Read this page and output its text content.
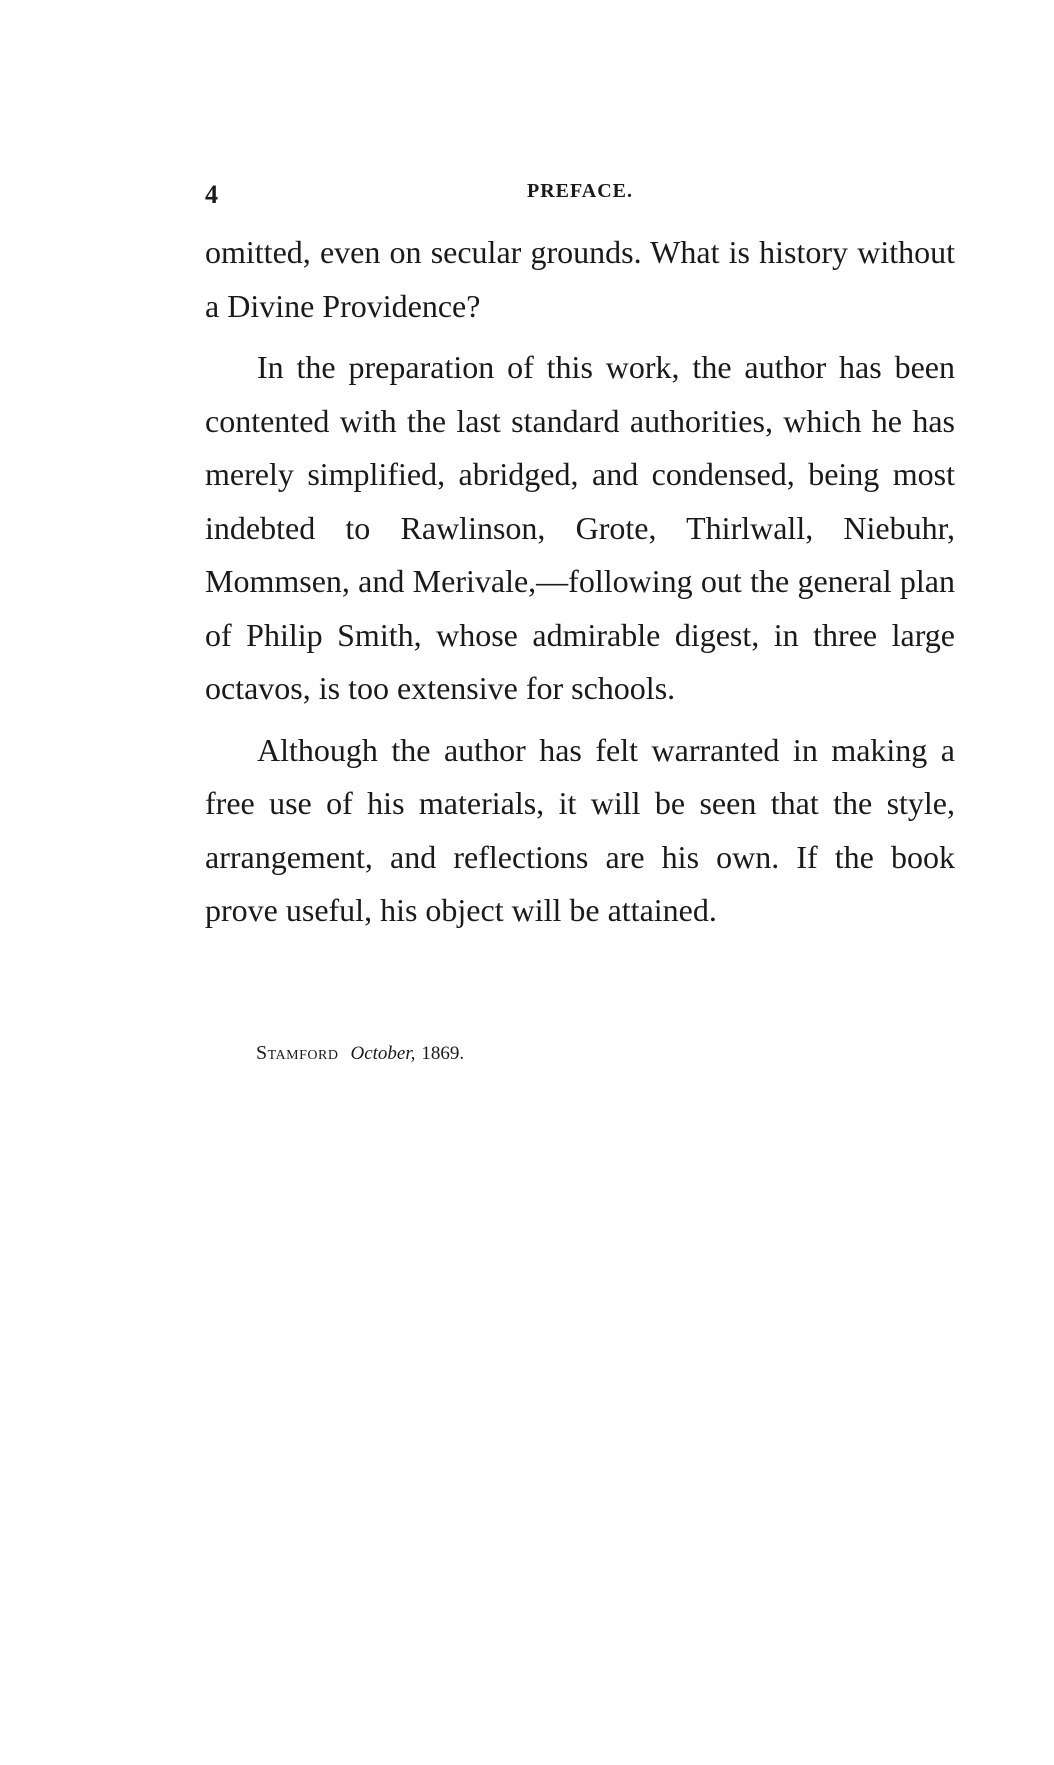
4	PREFACE.

omitted, even on secular grounds. What is history without a Divine Providence?

In the preparation of this work, the author has been contented with the last standard authorities, which he has merely simplified, abridged, and condensed, being most indebted to Rawlinson, Grote, Thirlwall, Niebuhr, Mommsen, and Merivale,—following out the general plan of Philip Smith, whose admirable digest, in three large octavos, is too extensive for schools.

Although the author has felt warranted in making a free use of his materials, it will be seen that the style, arrangement, and reflections are his own. If the book prove useful, his object will be attained.

Stamford October, 1869.
